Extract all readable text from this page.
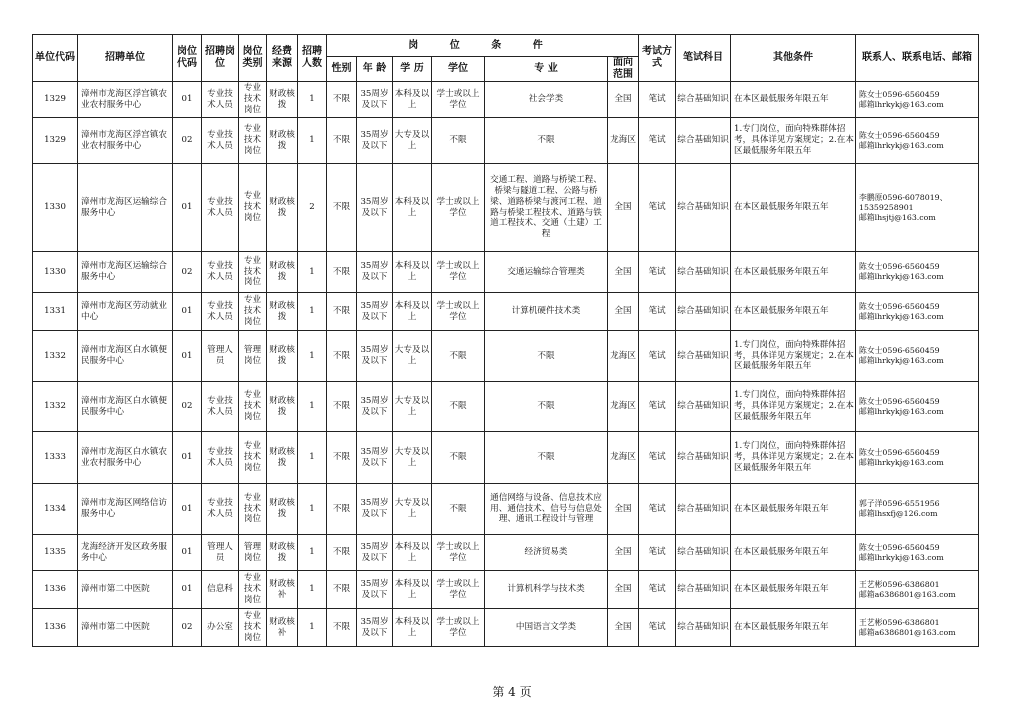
单位代码	招聘单位	岗位代码	招聘岗位	岗位类别	经费来源	招聘人数	岗 位 条 件						考试方式	笔试科目	其他条件	联系人、联系电话、邮箱
							性别	年 龄	学 历	学位	专 业	面向范围				
1329	漳州市龙海区浮宫镇农业农村服务中心	01	专业技术人员	专业技术岗位	财政核拨	1	不限	35周岁及以下	本科及以上	学士或以上学位	社会学类	全国	笔试	综合基础知识	在本区最低服务年限五年	陈女士0596-6560459
邮箱lhrkykj@163.com

1329	漳州市龙海区浮宫镇农业农村服务中心	02	专业技术人员	专业技术岗位	财政核拨	1	不限	35周岁及以下	大专及以上	不限	不限	龙海区	笔试	综合基础知识	1.专门岗位，面向特殊群体招考，具体详见方案规定；2.在本区最低服务年限五年	陈女士0596-6560459
邮箱lhrkykj@163.com

1330	漳州市龙海区运输综合服务中心	01	专业技术人员	专业技术岗位	财政核拨	2	不限	35周岁及以下	本科及以上	学士或以上学位	交通工程、道路与桥梁工程、桥梁与隧道工程、公路与桥梁、道路桥梁与渡河工程、道路与桥梁工程技术、道路与铁道工程技术、交通（土建）工程	全国	笔试	综合基础知识	在本区最低服务年限五年	李鹏原0596-6078019、
15359258901
邮箱lhsjtj@163.com

1330	漳州市龙海区运输综合服务中心	02	专业技术人员	专业技术岗位	财政核拨	1	不限	35周岁及以下	本科及以上	学士或以上学位	交通运输综合管理类	全国	笔试	综合基础知识	在本区最低服务年限五年	陈女士0596-6560459
邮箱lhrkykj@163.com

1331	漳州市龙海区劳动就业中心	01	专业技术人员	专业技术岗位	财政核拨	1	不限	35周岁及以下	本科及以上	学士或以上学位	计算机硬件技术类	全国	笔试	综合基础知识	在本区最低服务年限五年	陈女士0596-6560459
邮箱lhrkykj@163.com

1332	漳州市龙海区白水镇便民服务中心	01	管理人员	管理岗位	财政核拨	1	不限	35周岁及以下	大专及以上	不限	不限	龙海区	笔试	综合基础知识	1.专门岗位，面向特殊群体招考，具体详见方案规定；2.在本区最低服务年限五年	陈女士0596-6560459
邮箱lhrkykj@163.com

1332	漳州市龙海区白水镇便民服务中心	02	专业技术人员	专业技术岗位	财政核拨	1	不限	35周岁及以下	大专及以上	不限	不限	龙海区	笔试	综合基础知识	1.专门岗位，面向特殊群体招考，具体详见方案规定；2.在本区最低服务年限五年	陈女士0596-6560459
邮箱lhrkykj@163.com

1333	漳州市龙海区白水镇农业农村服务中心	01	专业技术人员	专业技术岗位	财政核拨	1	不限	35周岁及以下	大专及以上	不限	不限	龙海区	笔试	综合基础知识	1.专门岗位，面向特殊群体招考，具体详见方案规定；2.在本区最低服务年限五年	陈女士0596-6560459
邮箱lhrkykj@163.com

1334	漳州市龙海区网络信访服务中心	01	专业技术人员	专业技术岗位	财政核拨	1	不限	35周岁及以下	大专及以上	不限	通信网络与设备、信息技术应用、通信技术、信号与信息处理、通讯工程设计与管理	全国	笔试	综合基础知识	在本区最低服务年限五年	郭子洋0596-6551956
邮箱lhsxfj@126.com

1335	龙海经济开发区政务服务中心	01	管理人员	管理岗位	财政核拨	1	不限	35周岁及以下	本科及以上	学士或以上学位	经济贸易类	全国	笔试	综合基础知识	在本区最低服务年限五年	陈女士0596-6560459
邮箱lhrkykj@163.com

1336	漳州市第二中医院	01	信息科	专业技术岗位	财政核补	1	不限	35周岁及以下	本科及以上	学士或以上学位	计算机科学与技术类	全国	笔试	综合基础知识	在本区最低服务年限五年	王艺彬0596-6386801
邮箱a6386801@163.com

1336	漳州市第二中医院	02	办公室	专业技术岗位	财政核补	1	不限	35周岁及以下	本科及以上	学士或以上学位	中国语言文学类	全国	笔试	综合基础知识	在本区最低服务年限五年	王艺彬0596-6386801
邮箱a6386801@163.com
第 4 页
